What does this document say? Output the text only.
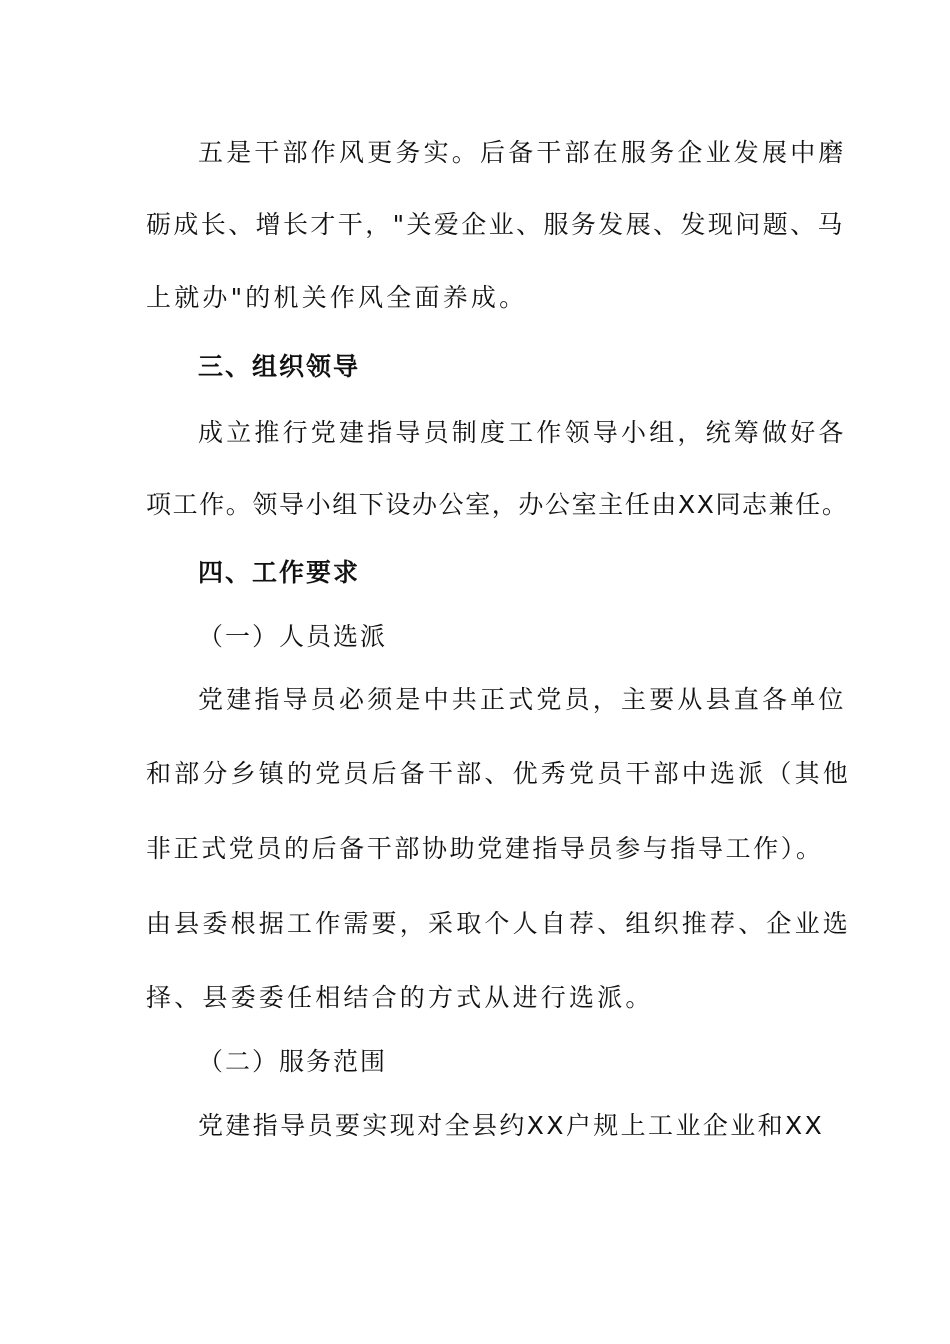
五是干部作风更务实。后备干部在服务企业发展中磨
砺成长、增长才干，"关爱企业、服务发展、发现问题、马
上就办"的机关作风全面养成。
三、组织领导
成立推行党建指导员制度工作领导小组，统筹做好各
项工作。领导小组下设办公室，办公室主任由XX同志兼任。
四、工作要求
（一）人员选派
党建指导员必须是中共正式党员，主要从县直各单位
和部分乡镇的党员后备干部、优秀党员干部中选派（其他
非正式党员的后备干部协助党建指导员参与指导工作）。
由县委根据工作需要，采取个人自荐、组织推荐、企业选
择、县委委任相结合的方式从进行选派。
（二）服务范围
党建指导员要实现对全县约XX户规上工业企业和XX
